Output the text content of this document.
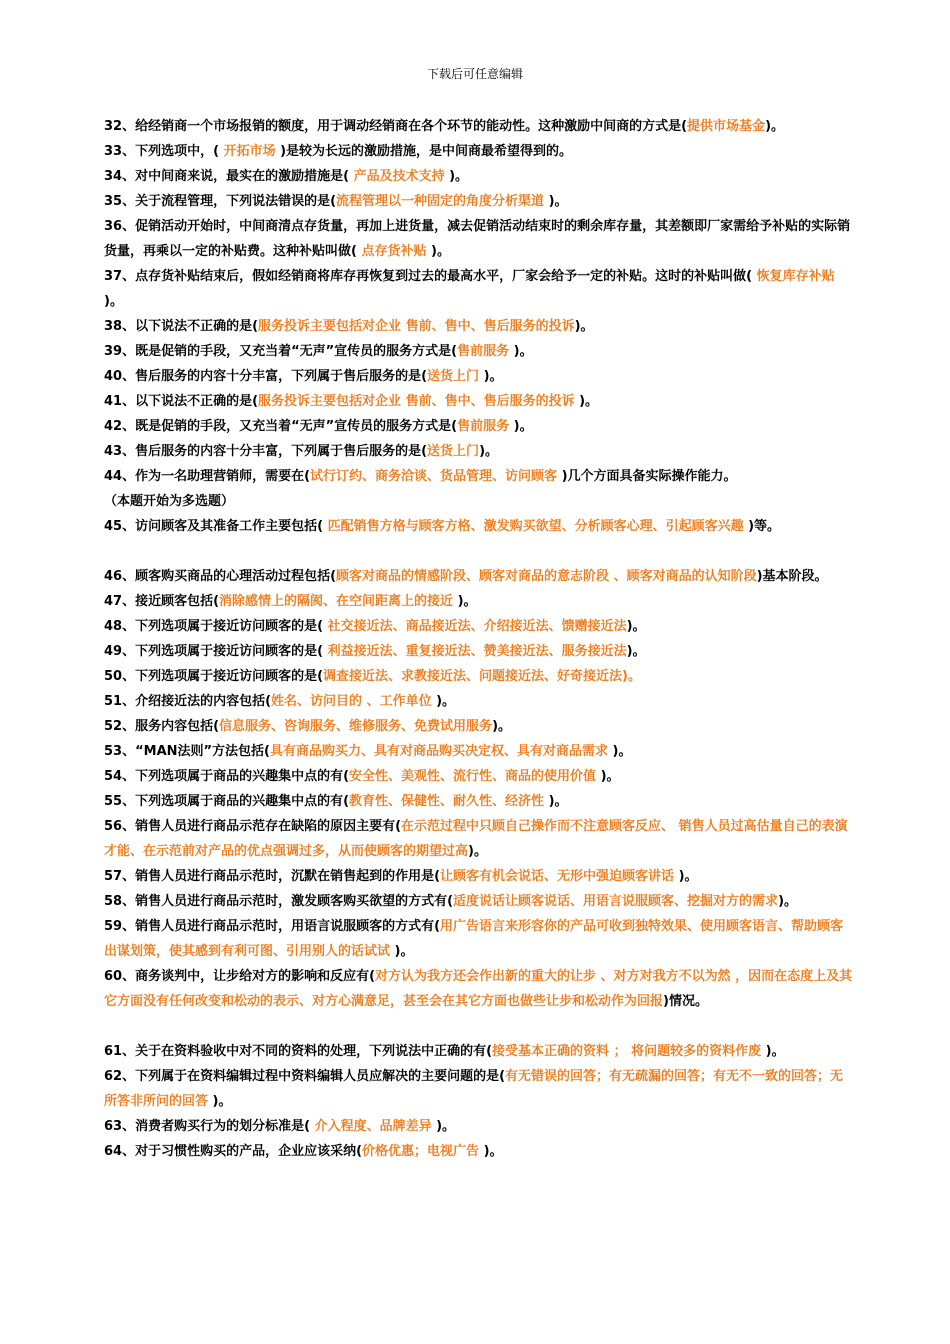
下载后可任意编辑
32、给经销商一个市场报销的额度，用于调动经销商在各个环节的能动性。这种激励中间商的方式是(提供市场基金)。
33、下列选项中，( 开拓市场 )是较为长远的激励措施，是中间商最希望得到的。
34、对中间商来说，最实在的激励措施是( 产品及技术支持 )。
35、关于流程管理，下列说法错误的是(流程管理以一种固定的角度分析渠道 )。
36、促销活动开始时，中间商清点存货量，再加上进货量，减去促销活动结束时的剩余库存量，其差额即厂家需给予补贴的实际销货量，再乘以一定的补贴费。这种补贴叫做( 点存货补贴 )。
37、点存货补贴结束后，假如经销商将库存再恢复到过去的最高水平，厂家会给予一定的补贴。这时的补贴叫做( 恢复库存补贴 )。
38、以下说法不正确的是(服务投诉主要包括对企业 售前、售中、售后服务的投诉)。
39、既是促销的手段，又充当着“无声”宣传员的服务方式是(售前服务 )。
40、售后服务的内容十分丰富，下列属于售后服务的是(送货上门 )。
41、以下说法不正确的是(服务投诉主要包括对企业 售前、售中、售后服务的投诉 )。
42、既是促销的手段，又充当着“无声”宣传员的服务方式是(售前服务 )。
43、售后服务的内容十分丰富，下列属于售后服务的是(送货上门)。
44、作为一名助理营销师，需要在(试行订约、商务洽谈、货品管理、访问顾客 )几个方面具备实际操作能力。
（本题开始为多选题）
45、访问顾客及其准备工作主要包括( 匹配销售方格与顾客方格、激发购买欲望、分析顾客心理、引起顾客兴趣 )等。
46、顾客购买商品的心理活动过程包括(顾客对商品的情感阶段、顾客对商品的意志阶段 、顾客对商品的认知阶段)基本阶段。
47、接近顾客包括(消除感情上的隔阂、在空间距离上的接近 )。
48、下列选项属于接近访问顾客的是( 社交接近法、商品接近法、介绍接近法、馈赠接近法)。
49、下列选项属于接近访问顾客的是( 利益接近法、重复接近法、赞美接近法、服务接近法)。
50、下列选项属于接近访问顾客的是(调查接近法、求教接近法、问题接近法、好奇接近法)。
51、介绍接近法的内容包括(姓名、访问目的 、工作单位 )。
52、服务内容包括(信息服务、咨询服务、维修服务、免费试用服务)。
53、“MAN法则”方法包括(具有商品购买力、具有对商品购买决定权、具有对商品需求 )。
54、下列选项属于商品的兴趣集中点的有(安全性、美观性、流行性、商品的使用价值 )。
55、下列选项属于商品的兴趣集中点的有(教育性、保健性、耐久性、经济性 )。
56、销售人员进行商品示范存在缺陷的原因主要有(在示范过程中只顾自己操作而不注意顾客反应、 销售人员过高估量自己的表演才能、在示范前对产品的优点强调过多，从而使顾客的期望过高)。
57、销售人员进行商品示范时，沉默在销售起到的作用是(让顾客有机会说话、无形中强迫顾客讲话 )。
58、销售人员进行商品示范时，激发顾客购买欲望的方式有(适度说话让顾客说话、用语言说服顾客、挖掘对方的需求)。
59、销售人员进行商品示范时，用语言说服顾客的方式有(用广告语言来形容你的产品可收到独特效果、使用顾客语言、帮助顾客出谋划策，使其感到有利可图、引用别人的话试试 )。
60、商务谈判中，让步给对方的影响和反应有(对方认为我方还会作出新的重大的让步 、对方对我方不以为然 ，因而在态度上及其它方面没有任何改变和松动的表示、对方心满意足，甚至会在其它方面也做些让步和松动作为回报)情况。
61、关于在资料验收中对不同的资料的处理，下列说法中正确的有(接受基本正确的资料 ； 将问题较多的资料作废 )。
62、下列属于在资料编辑过程中资料编辑人员应解决的主要问题的是(有无错误的回答；有无疏漏的回答；有无不一致的回答；无所答非所问的回答 )。
63、消费者购买行为的划分标准是( 介入程度、品牌差异 )。
64、对于习惯性购买的产品，企业应该采纳(价格优惠；电视广告 )。
